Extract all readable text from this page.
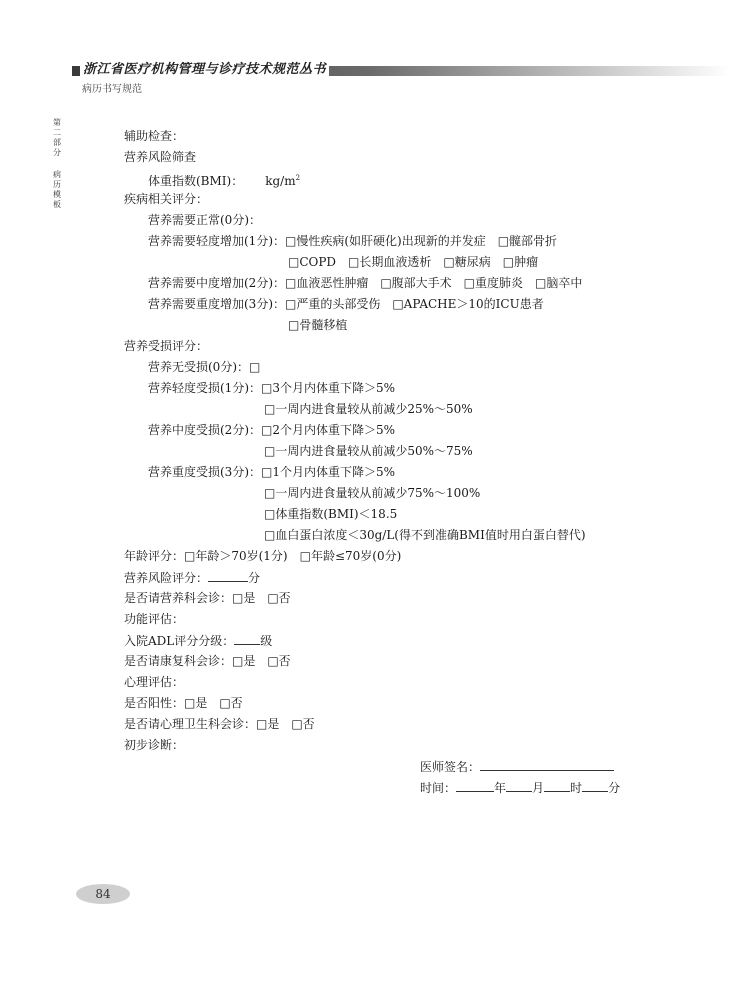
浙江省医疗机构管理与诊疗技术规范丛书
病历书写规范
第二部分
病历模板
辅助检查：
营养风险筛查
体重指数(BMI)： $kg/m^2$
疾病相关评分：
营养需要正常(0分)：
营养需要轻度增加(1分)：□慢性疾病(如肝硬化)出现新的并发症　□髋部骨折
□COPD　□长期血液透析　□糖尿病　□肿瘤
营养需要中度增加(2分)：□血液恶性肿瘤　□腹部大手术　□重度肺炎　□脑卒中
营养需要重度增加(3分)：□严重的头部受伤　□APACHE＞10的ICU患者
□骨髓移植
营养受损评分：
营养无受损(0分)：□
营养轻度受损(1分)：□3个月内体重下降＞5%
□一周内进食量较从前减少25%～50%
营养中度受损(2分)：□2个月内体重下降＞5%
□一周内进食量较从前减少50%～75%
营养重度受损(3分)：□1个月内体重下降＞5%
□一周内进食量较从前减少75%～100%
□体重指数(BMI)＜18.5
□血白蛋白浓度＜30g/L(得不到准确BMI值时用白蛋白替代)
年龄评分：□年龄＞70岁(1分)　□年龄≤70岁(0分)
营养风险评分：	分
是否请营养科会诊：□是　□否
功能评估：
入院ADL评分分级： 级
是否请康复科会诊：□是　□否
心理评估：
是否阳性：□是　□否
是否请心理卫生科会诊：□是　□否
初步诊断：
医师签名：
时间：	年 月 时 分
84
